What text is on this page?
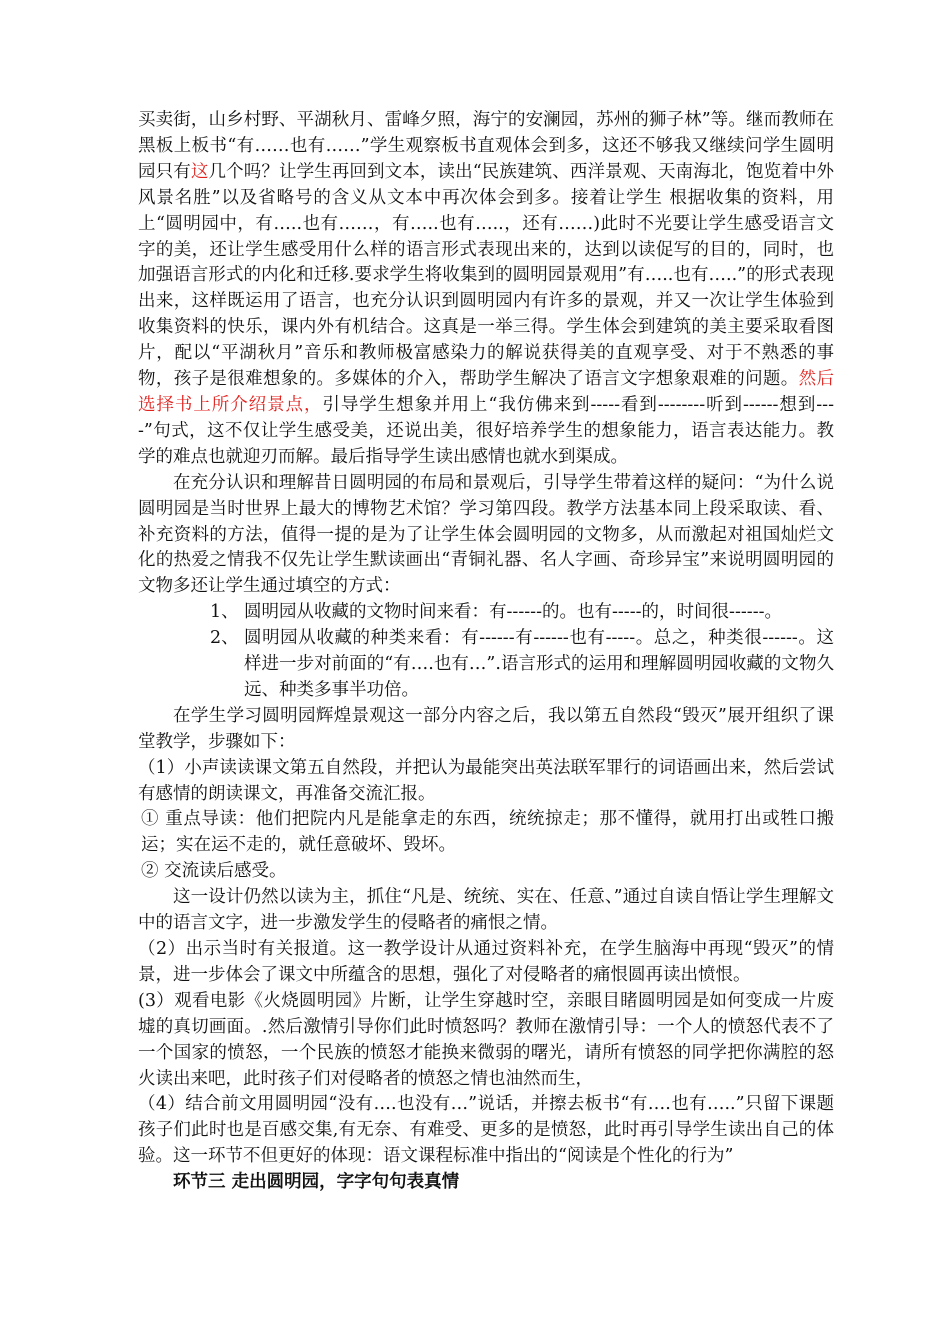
买卖街，山乡村野、平湖秋月、雷峰夕照，海宁的安澜园，苏州的狮子林”等。继而教师在黑板上板书“有……也有……”学生观察板书直观体会到多，这还不够我又继续问学生圆明园只有这几个吗？让学生再回到文本，读出“民族建筑、西洋景观、天南海北，饱览着中外风景名胜”以及省略号的含义从文本中再次体会到多。接着让学生 根据收集的资料，用上“圆明园中，有…..也有……，有…..也有…..，还有……)此时不光要让学生感受语言文字的美，还让学生感受用什么样的语言形式表现出来的，达到以读促写的目的，同时，也加强语言形式的内化和迁移.要求学生将收集到的圆明园景观用”有…..也有…..”的形式表现出来，这样既运用了语言，也充分认识到圆明园内有许多的景观，并又一次让学生体验到收集资料的快乐，课内外有机结合。这真是一举三得。学生体会到建筑的美主要采取看图片，配以“平湖秋月”音乐和教师极富感染力的解说获得美的直观享受、对于不熟悉的事物，孩子是很难想象的。多媒体的介入，帮助学生解决了语言文字想象艰难的问题。然后选择书上所介绍景点，引导学生想象并用上“我仿佛来到-----看到--------听到------想到----”句式，这不仅让学生感受美，还说出美，很好培养学生的想象能力，语言表达能力。教学的难点也就迎刃而解。最后指导学生读出感情也就水到渠成。

在充分认识和理解昔日圆明园的布局和景观后，引导学生带着这样的疑问：“为什么说圆明园是当时世界上最大的博物艺术馆？学习第四段。教学方法基本同上段采取读、看、补充资料的方法，值得一提的是为了让学生体会圆明园的文物多，从而激起对祖国灿烂文化的热爱之情我不仅先让学生默读画出“青铜礼器、名人字画、奇珍异宝”来说明圆明园的文物多还让学生通过填空的方式：

1、 圆明园从收藏的文物时间来看：有------的。也有-----的，时间很------。
2、 圆明园从收藏的种类来看：有------有------也有-----。总之，种类很------。这样进一步对前面的“有….也有…”.语言形式的运用和理解圆明园收藏的文物久远、种类多事半功倍。

在学生学习圆明园辉煌景观这一部分内容之后，我以第五自然段“毁灭”展开组织了课堂教学，步骤如下：

（1）小声读读课文第五自然段，并把认为最能突出英法联军罪行的词语画出来，然后尝试有感情的朗读课文，再准备交流汇报。

① 重点导读：他们把院内凡是能拿走的东西，统统掠走；那不懂得，就用打出或牲口搬运；实在运不走的，就任意破坏、毁坏。

② 交流读后感受。

这一设计仍然以读为主，抓住“凡是、统统、实在、任意、”通过自读自悟让学生理解文中的语言文字，进一步激发学生的侵略者的痛恨之情。

（2）出示当时有关报道。这一教学设计从通过资料补充，在学生脑海中再现“毁灭”的情景，进一步体会了课文中所蕴含的思想，强化了对侵略者的痛恨圆再读出愤恨。

(3）观看电影《火烧圆明园》片断，让学生穿越时空，亲眼目睹圆明园是如何变成一片废墟的真切画面。.然后激情引导你们此时愤怒吗？教师在激情引导：一个人的愤怒代表不了一个国家的愤怒，一个民族的愤怒才能换来微弱的曙光，请所有愤怒的同学把你满腔的怒火读出来吧，此时孩子们对侵略者的愤怒之情也油然而生，

（4）结合前文用圆明园“没有….也没有…”说话，并擦去板书“有….也有…..”只留下课题孩子们此时也是百感交集,有无奈、有难受、更多的是愤怒，此时再引导学生读出自己的体验。这一环节不但更好的体现：语文课程标准中指出的“阅读是个性化的行为”

环节三 走出圆明园，字字句句表真情
